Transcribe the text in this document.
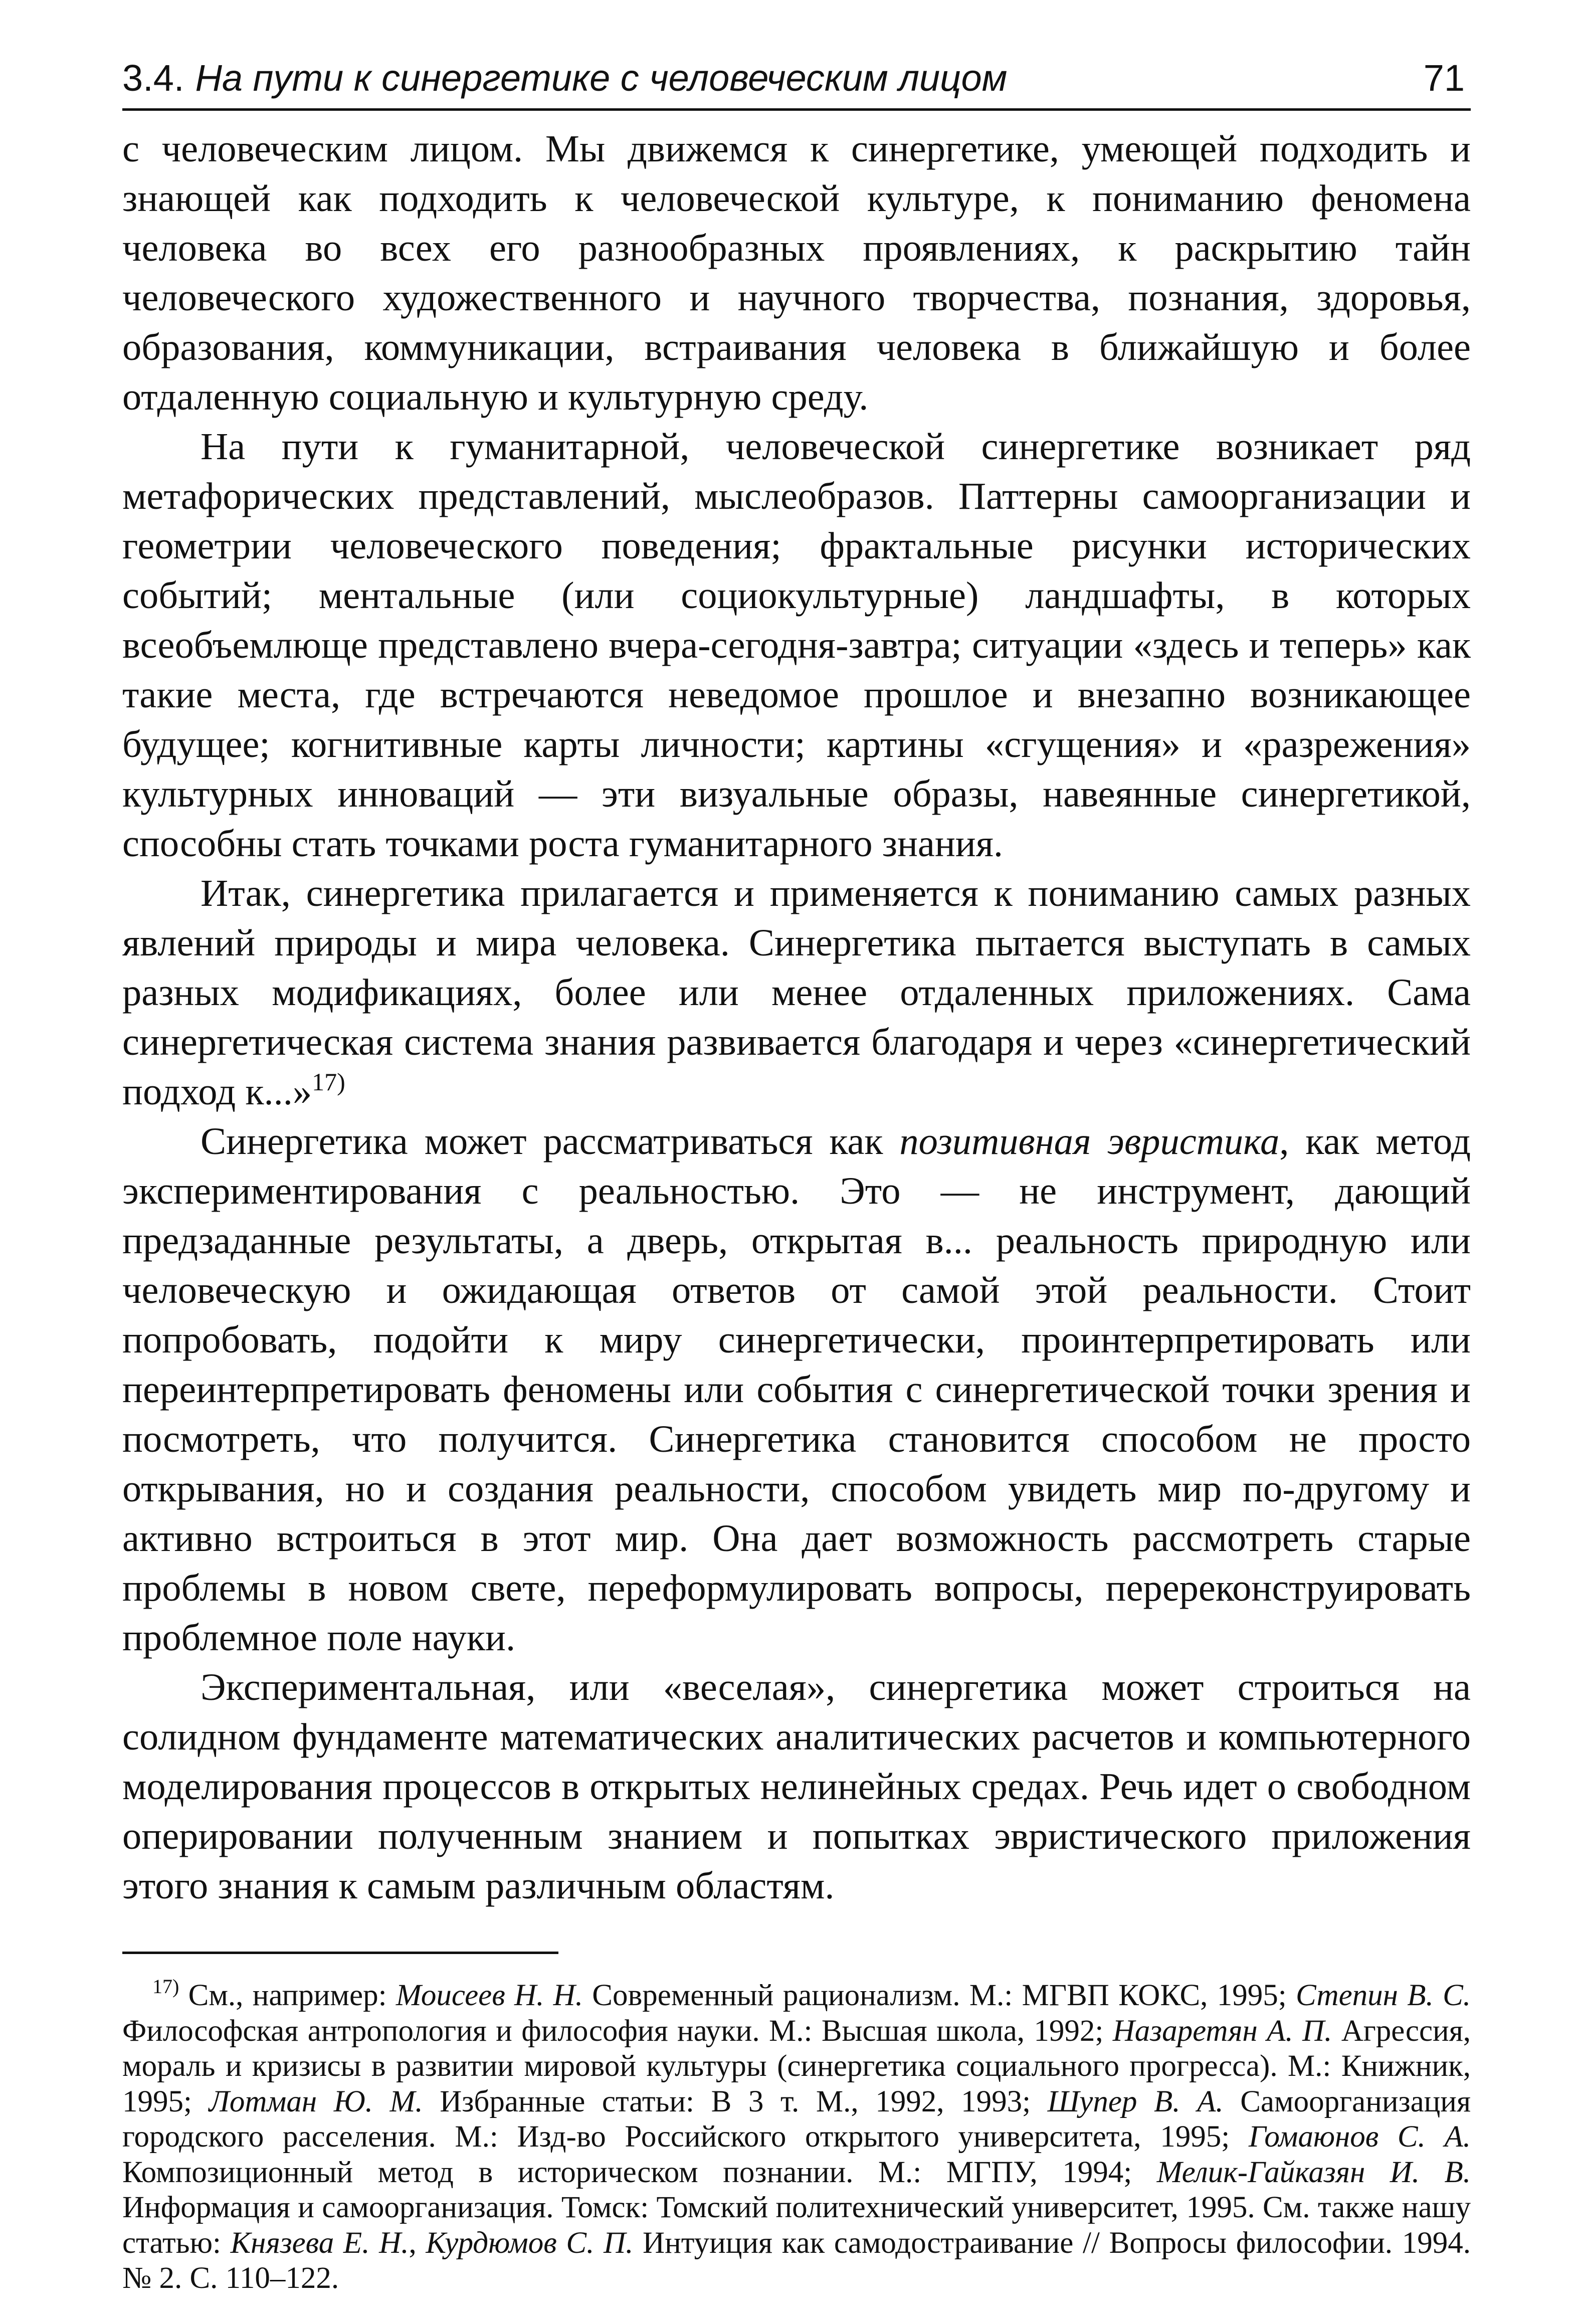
3.4. На пути к синергетике с человеческим лицом	71

с человеческим лицом. Мы движемся к синергетике, умеющей подходить и знающей как подходить к человеческой культуре, к пониманию феномена человека во всех его разнообразных проявлениях, к раскрытию тайн человеческого художественного и научного творчества, познания, здоровья, образования, коммуникации, встраивания человека в ближайшую и более отдаленную социальную и культурную среду.

На пути к гуманитарной, человеческой синергетике возникает ряд метафорических представлений, мыслеобразов. Паттерны самоорганизации и геометрии человеческого поведения; фрактальные рисунки исторических событий; ментальные (или социокультурные) ландшафты, в которых всеобъемлюще представлено вчера-сегодня-завтра; ситуации «здесь и теперь» как такие места, где встречаются неведомое прошлое и внезапно возникающее будущее; когнитивные карты личности; картины «сгущения» и «разрежения» культурных инноваций — эти визуальные образы, навеянные синергетикой, способны стать точками роста гуманитарного знания.

Итак, синергетика прилагается и применяется к пониманию самых разных явлений природы и мира человека. Синергетика пытается выступать в самых разных модификациях, более или менее отдаленных приложениях. Сама синергетическая система знания развивается благодаря и через «синергетический подход к...»$^{17)}$

Синергетика может рассматриваться как позитивная эвристика, как метод экспериментирования с реальностью. Это — не инструмент, дающий предзаданные результаты, а дверь, открытая в... реальность природную или человеческую и ожидающая ответов от самой этой реальности. Стоит попробовать, подойти к миру синергетически, проинтерпретировать или переинтерпретировать феномены или события с синергетической точки зрения и посмотреть, что получится. Синергетика становится способом не просто открывания, но и создания реальности, способом увидеть мир по-другому и активно встроиться в этот мир. Она дает возможность рассмотреть старые проблемы в новом свете, переформулировать вопросы, перереконструировать проблемное поле науки.

Экспериментальная, или «веселая», синергетика может строиться на солидном фундаменте математических аналитических расчетов и компьютерного моделирования процессов в открытых нелинейных средах. Речь идет о свободном оперировании полученным знанием и попытках эвристического приложения этого знания к самым различным областям.

$^{17)}$ См., например: Моисеев Н. Н. Современный рационализм. М.: МГВП КОКС, 1995; Степин В. С. Философская антропология и философия науки. М.: Высшая школа, 1992; Назаретян А. П. Агрессия, мораль и кризисы в развитии мировой культуры (синергетика социального прогресса). М.: Книжник, 1995; Лотман Ю. М. Избранные статьи: В 3 т. М., 1992, 1993; Шупер В. А. Самоорганизация городского расселения. М.: Изд-во Российского открытого университета, 1995; Гомаюнов С. А. Композиционный метод в историческом познании. М.: МГПУ, 1994; Мелик-Гайказян И. В. Информация и самоорганизация. Томск: Томский политехнический университет, 1995. См. также нашу статью: Князева Е. Н., Курдюмов С. П. Интуиция как самодостраивание // Вопросы философии. 1994. № 2. С. 110–122.
